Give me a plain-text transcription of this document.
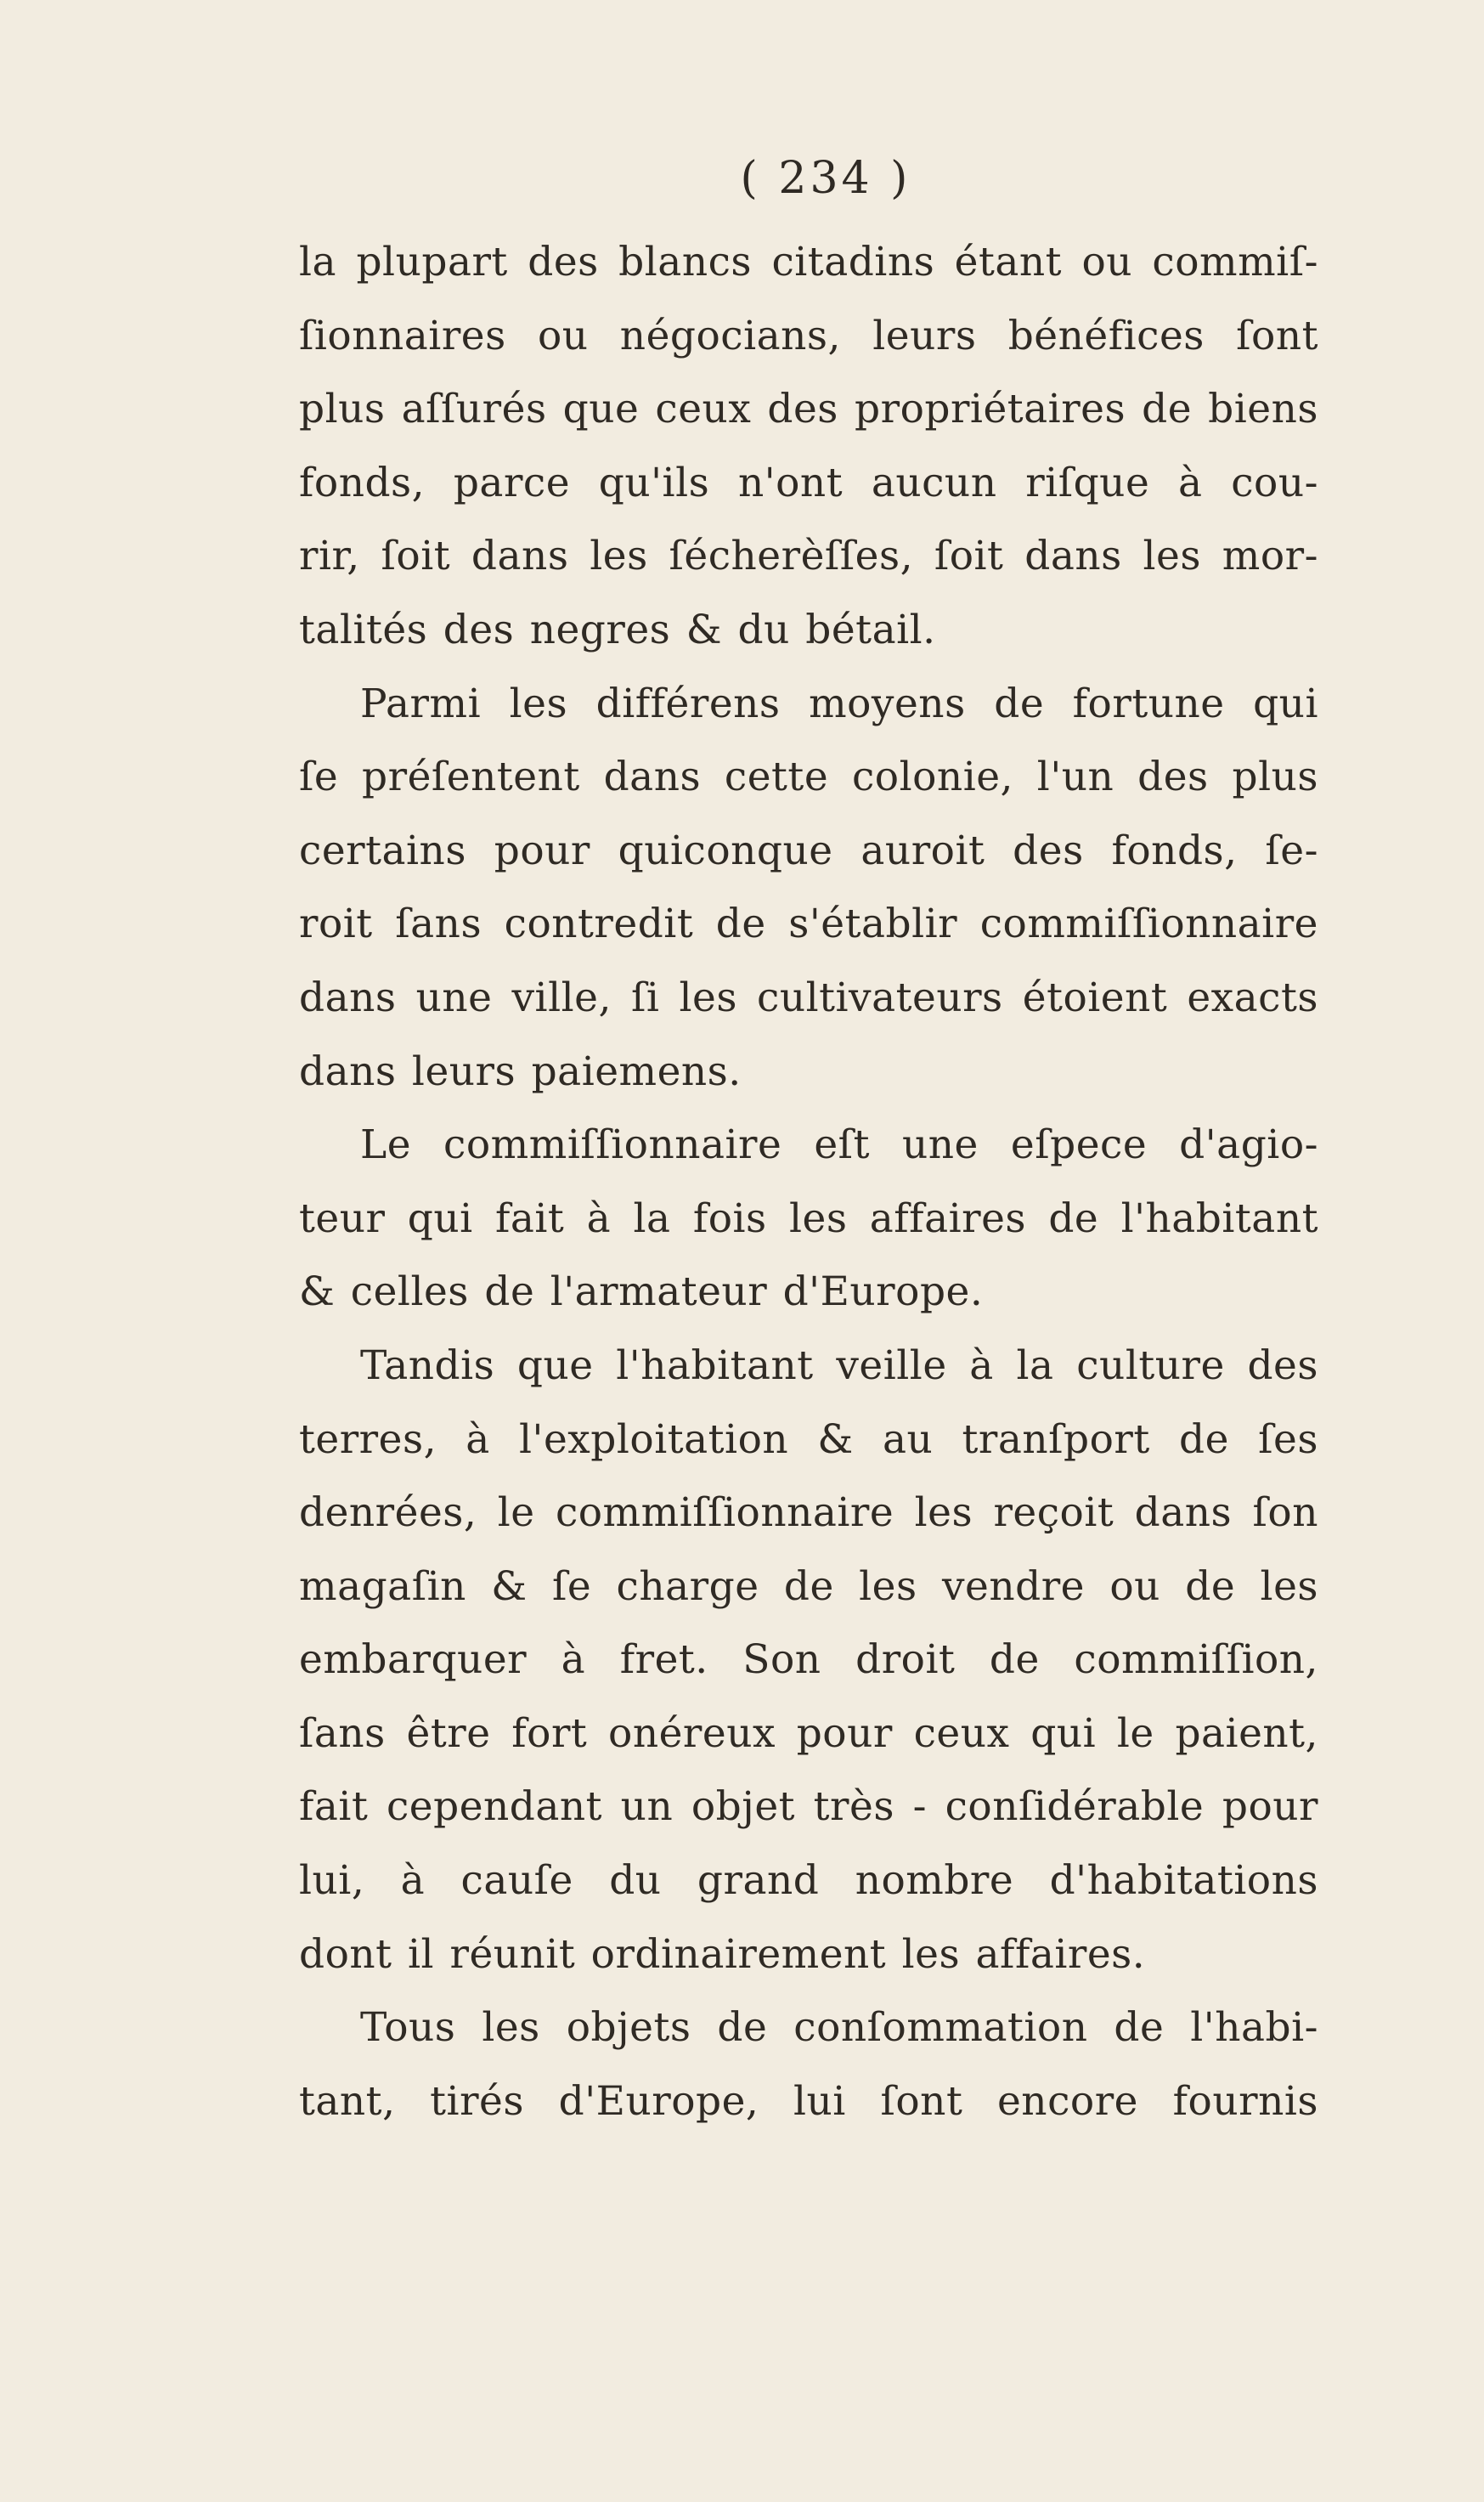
( 234 )
la plupart des blancs citadins étant ou commiſ-
ſionnaires ou négocians, leurs bénéfices ſont
plus aſſurés que ceux des propriétaires de biens
fonds, parce qu'ils n'ont aucun riſque à cou-
rir, ſoit dans les ſécherèſſes, ſoit dans les mor-
talités des negres & du bétail.
Parmi les différens moyens de fortune qui
ſe préſentent dans cette colonie, l'un des plus
certains pour quiconque auroit des fonds, ſe-
roit ſans contredit de s'établir commiſſionnaire
dans une ville, ſi les cultivateurs étoient exacts
dans leurs paiemens.
Le commiſſionnaire eſt une eſpece d'agio-
teur qui fait à la fois les affaires de l'habitant
& celles de l'armateur d'Europe.
Tandis que l'habitant veille à la culture des
terres, à l'exploitation & au tranſport de ſes
denrées, le commiſſionnaire les reçoit dans ſon
magaſin & ſe charge de les vendre ou de les
embarquer à fret. Son droit de commiſſion,
ſans être fort onéreux pour ceux qui le paient,
fait cependant un objet très - conſidérable pour
lui, à cauſe du grand nombre d'habitations
dont il réunit ordinairement les affaires.
Tous les objets de conſommation de l'habi-
tant, tirés d'Europe, lui ſont encore fournis
